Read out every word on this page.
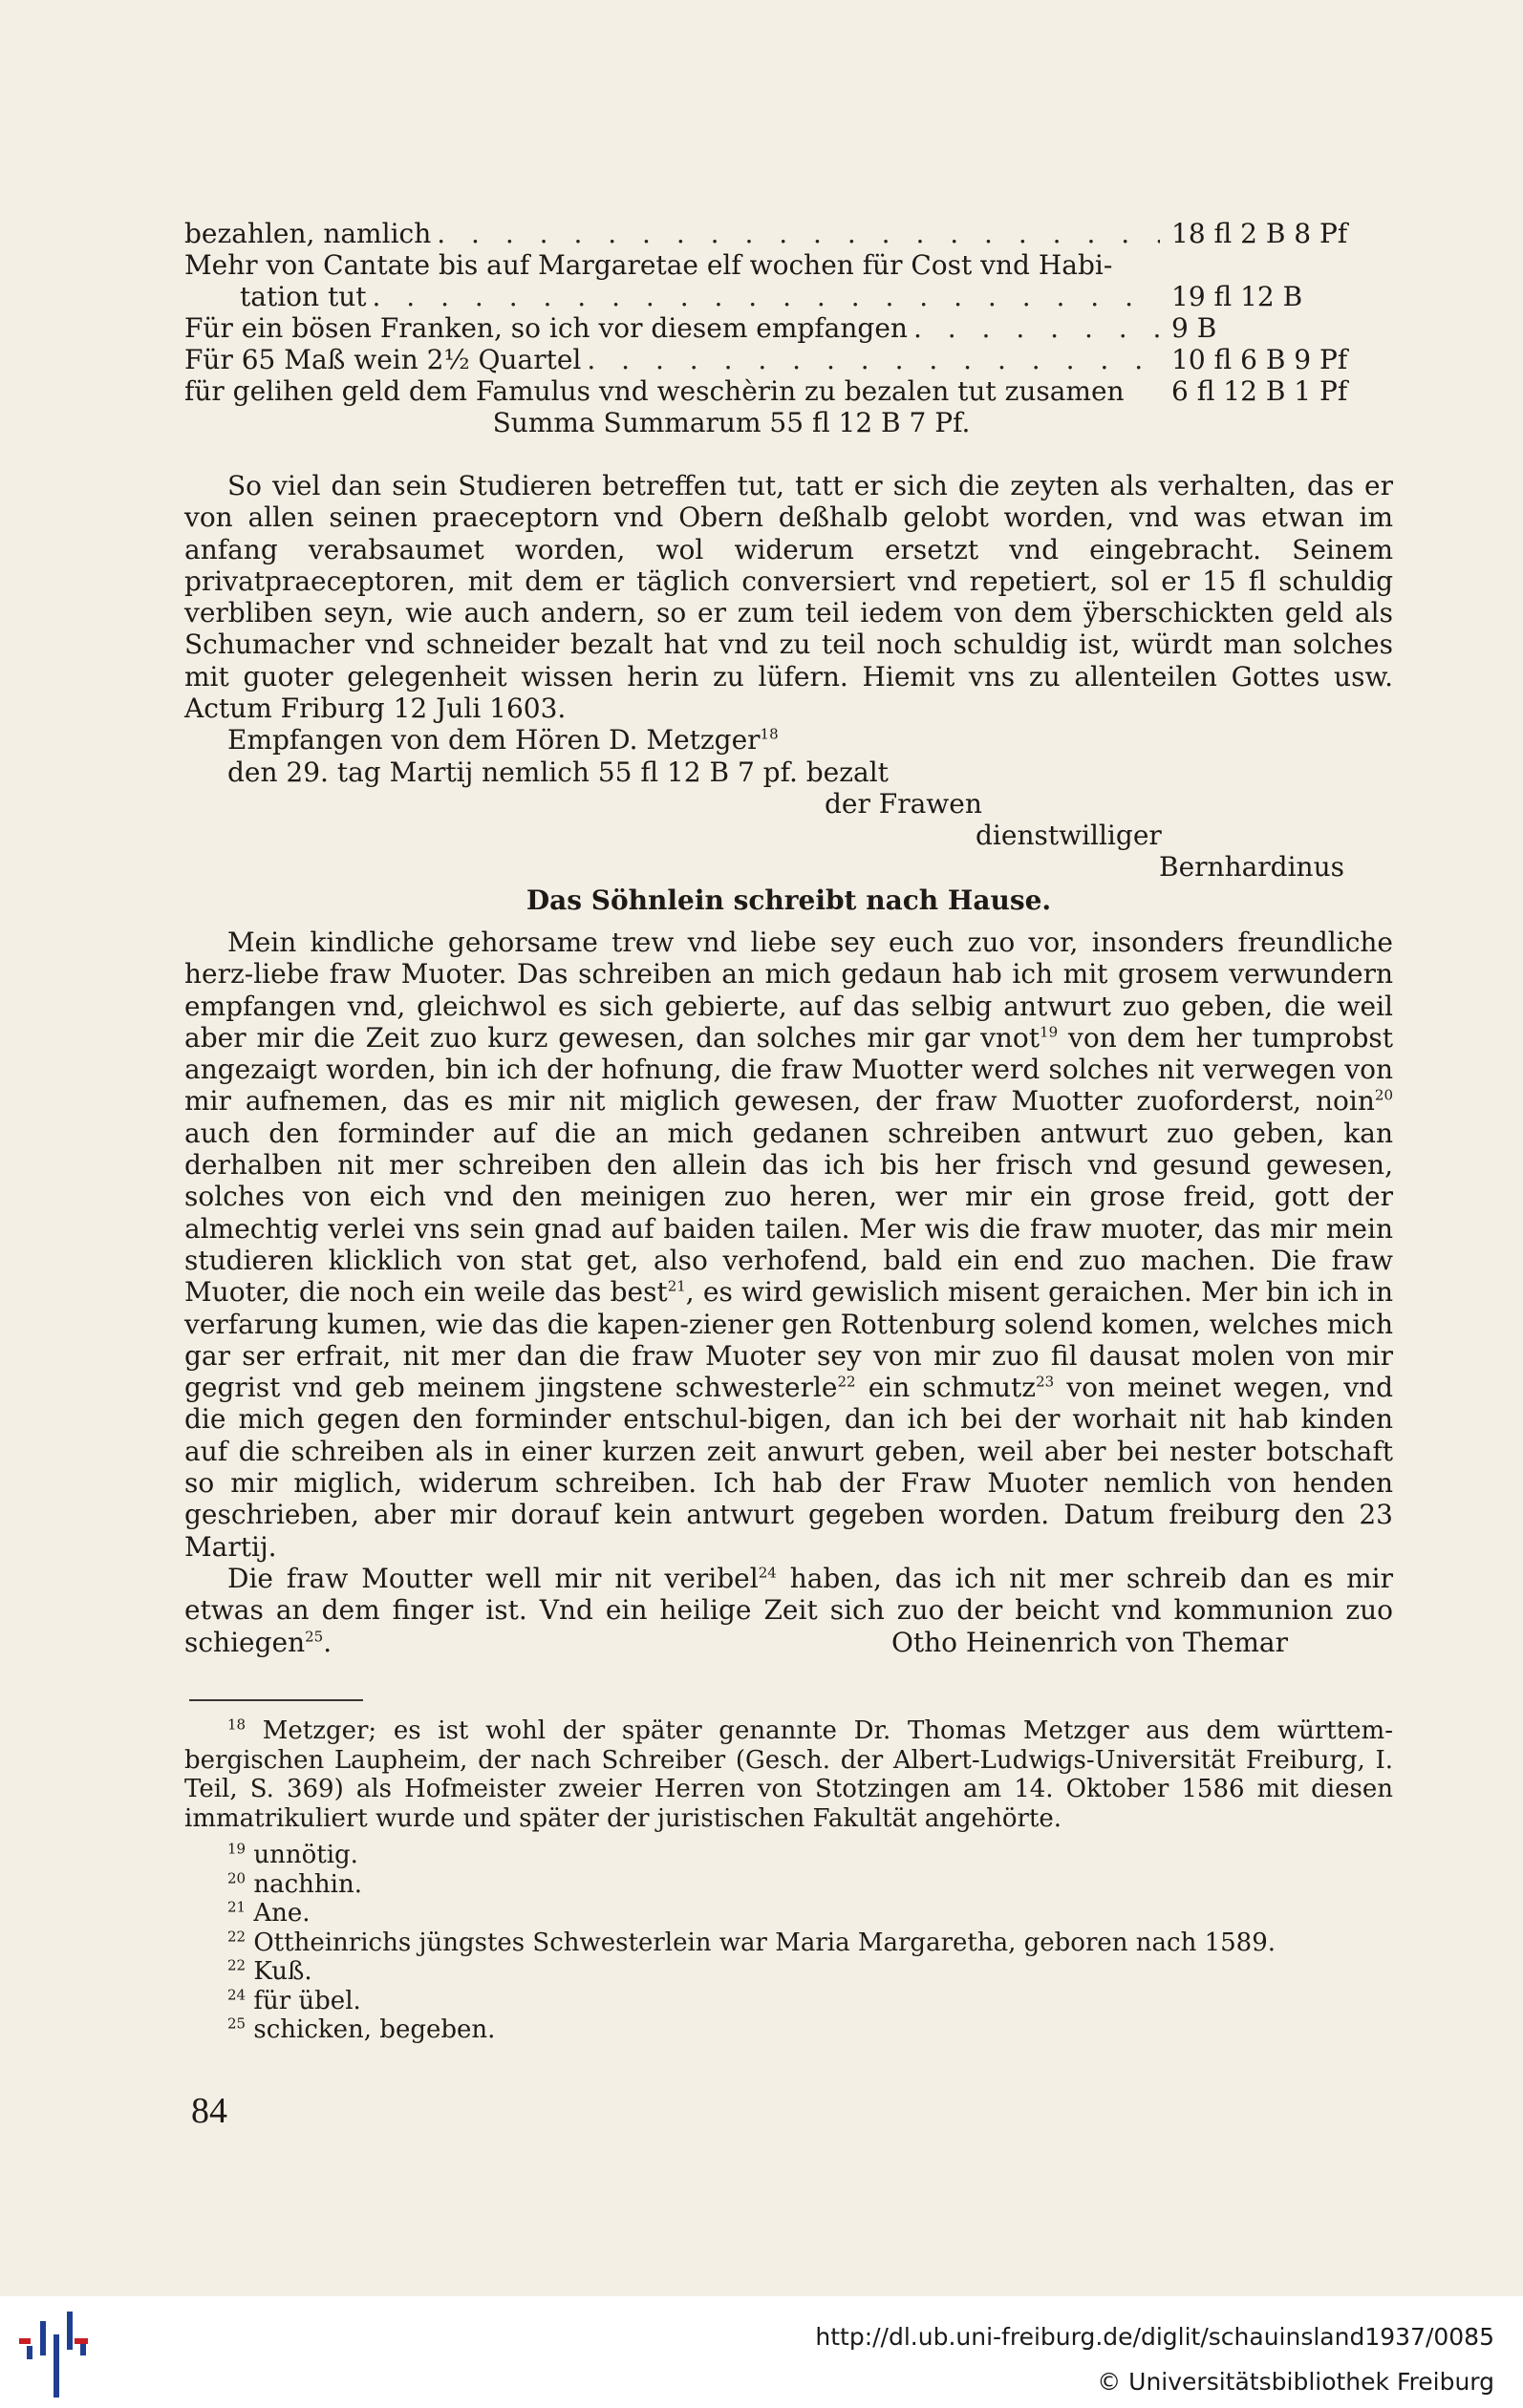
bezahlen, namlich . . .	18 fl 2 B 8 Pf
Mehr von Cantate bis auf Margaretae elf wochen für Cost vnd Habi-
tation tut . . .	19 fl 12 B
Für ein bösen Franken, so ich vor diesem empfangen . . .	9 B
Für 65 Maß wein 2½ Quartel . . .	10 fl 6 B 9 Pf
für gelihen geld dem Famulus vnd weschèrin zu bezalen tut zusamen	6 fl 12 B 1 Pf
Summa Summarum 55 fl 12 B 7 Pf.

So viel dan sein Studieren betreffen tut, tatt er sich die zeyten als verhalten, das er von allen seinen praeceptorn vnd Obern deßhalb gelobt worden, vnd was etwan im anfang verabsaumet worden, wol widerum ersetzt vnd eingebracht. Seinem privatpraeceptoren, mit dem er täglich conversiert vnd repetiert, sol er 15 fl schuldig verbliben seyn, wie auch andern, so er zum teil iedem von dem ÿberschickten geld als Schumacher vnd schneider bezalt hat vnd zu teil noch schuldig ist, würdt man solches mit guoter gelegenheit wissen herin zu lüfern. Hiemit vns zu allenteilen Gottes usw. Actum Friburg 12 Juli 1603.

Empfangen von dem Hören D. Metzger$^{18}$
den 29. tag Martij nemlich 55 fl 12 B 7 pf. bezalt
der Frawen
dienstwilliger
Bernhardinus
Das Söhnlein schreibt nach Hause.

Mein kindliche gehorsame trew vnd liebe sey euch zuo vor, insonders freundliche herz-liebe fraw Muoter. Das schreiben an mich gedaun hab ich mit grosem verwundern empfangen vnd, gleichwol es sich gebierte, auf das selbig antwurt zuo geben, die weil aber mir die Zeit zuo kurz gewesen, dan solches mir gar vnot$^{19}$ von dem her tumprobst angezaigt worden, bin ich der hofnung, die fraw Muotter werd solches nit verwegen von mir aufnemen, das es mir nit miglich gewesen, der fraw Muotter zuoforderst, noin$^{20}$ auch den forminder auf die an mich gedanen schreiben antwurt zuo geben, kan derhalben nit mer schreiben den allein das ich bis her frisch vnd gesund gewesen, solches von eich vnd den meinigen zuo heren, wer mir ein grose freid, gott der almechtig verlei vns sein gnad auf baiden tailen. Mer wis die fraw muoter, das mir mein studieren klicklich von stat get, also verhofend, bald ein end zuo machen. Die fraw Muoter, die noch ein weile das best$^{21}$, es wird gewislich misent geraichen. Mer bin ich in verfarung kumen, wie das die kapen-ziener gen Rottenburg solend komen, welches mich gar ser erfrait, nit mer dan die fraw Muoter sey von mir zuo fil dausat molen von mir gegrist vnd geb meinem jingstene schwesterle$^{22}$ ein schmutz$^{23}$ von meinet wegen, vnd die mich gegen den forminder entschul-bigen, dan ich bei der worhait nit hab kinden auf die schreiben als in einer kurzen zeit anwurt geben, weil aber bei nester botschaft so mir miglich, widerum schreiben. Ich hab der Fraw Muoter nemlich von henden geschrieben, aber mir dorauf kein antwurt gegeben worden. Datum freiburg den 23 Martij.

Die fraw Moutter well mir nit veribel$^{24}$ haben, das ich nit mer schreib dan es mir etwas an dem finger ist. Vnd ein heilige Zeit sich zuo der beicht vnd kommunion zuo schiegen$^{25}$.	Otho Heinenrich von Themar
$^{18}$ Metzger; es ist wohl der später genannte Dr. Thomas Metzger aus dem württem-bergischen Laupheim, der nach Schreiber (Gesch. der Albert-Ludwigs-Universität Freiburg, I. Teil, S. 369) als Hofmeister zweier Herren von Stotzingen am 14. Oktober 1586 mit diesen immatrikuliert wurde und später der juristischen Fakultät angehörte.
$^{19}$ unnötig.
$^{20}$ nachhin.
$^{21}$ Ane.
$^{22}$ Ottheinrichs jüngstes Schwesterlein war Maria Margaretha, geboren nach 1589.
$^{22}$ Kuß.
$^{24}$ für übel.
$^{25}$ schicken, begeben.
84
http://dl.ub.uni-freiburg.de/diglit/schauinsland1937/0085
© Universitätsbibliothek Freiburg
